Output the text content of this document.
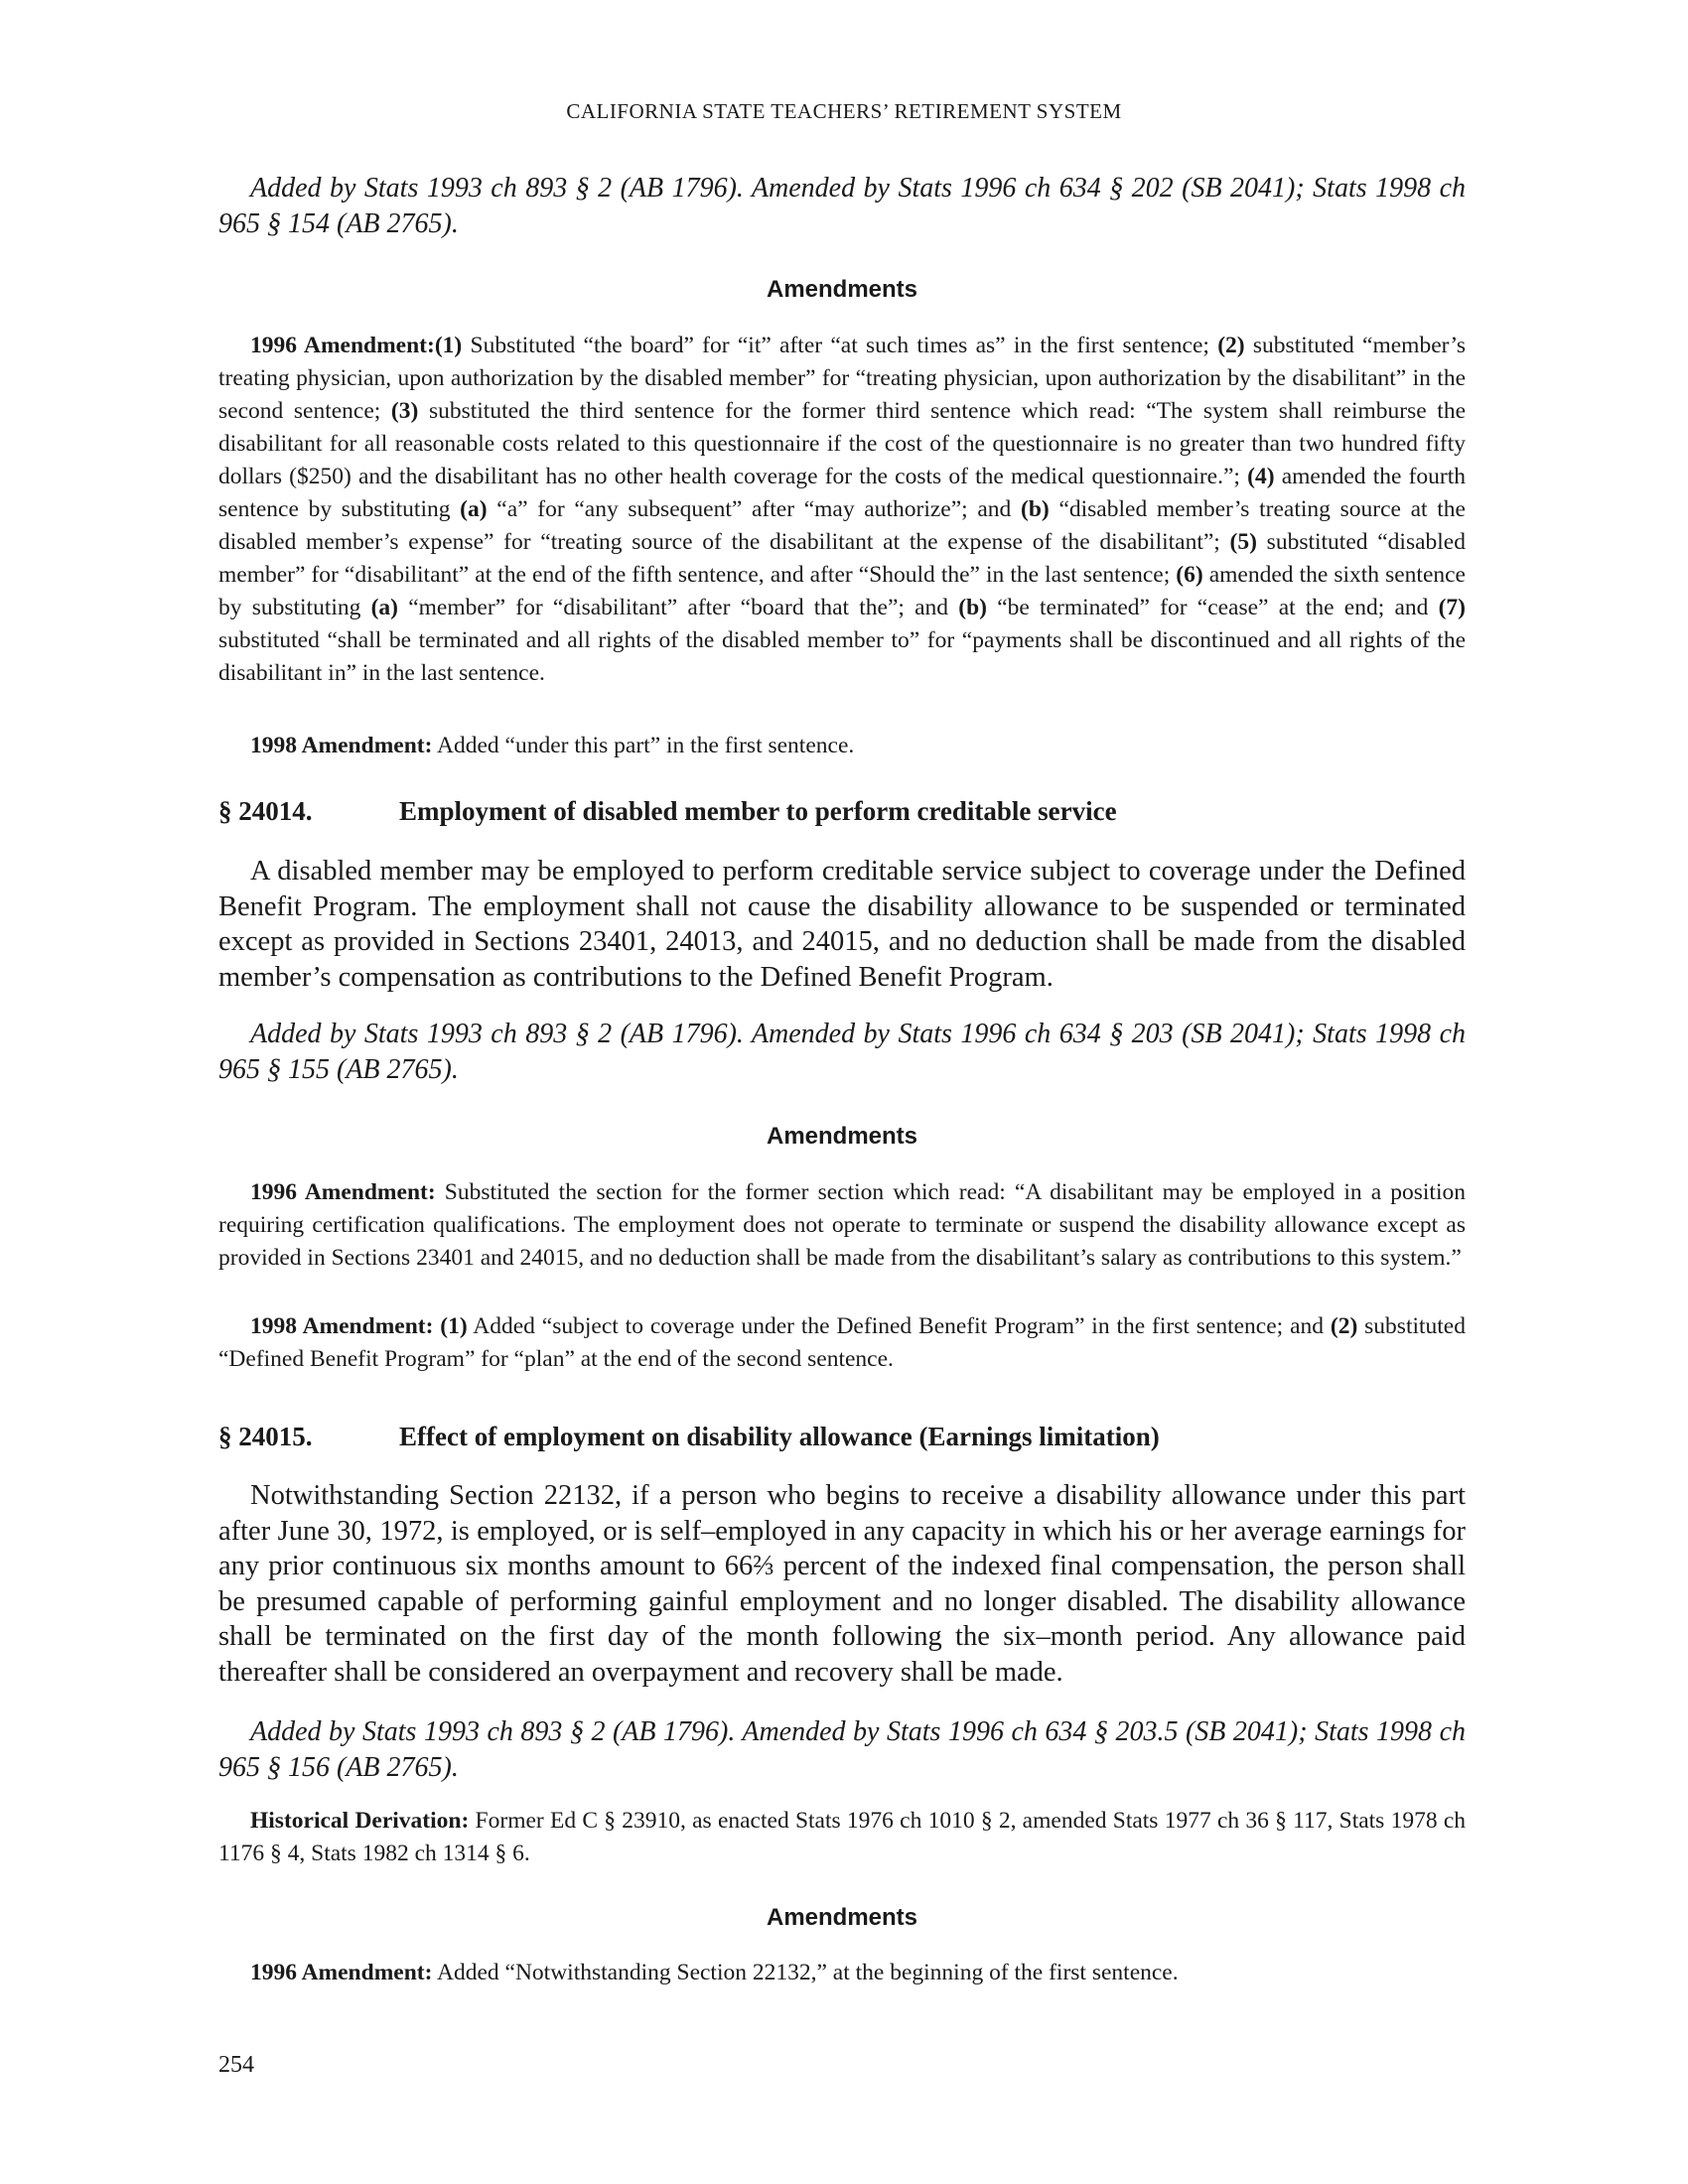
CALIFORNIA STATE TEACHERS’ RETIREMENT SYSTEM

Added by Stats 1993 ch 893 § 2 (AB 1796). Amended by Stats 1996 ch 634 § 202 (SB 2041); Stats 1998 ch 965 § 154 (AB 2765).

Amendments

1996 Amendment:(1) Substituted “the board” for “it” after “at such times as” in the first sentence; (2) substituted “member’s treating physician, upon authorization by the disabled member” for “treating physician, upon authorization by the disabilitant” in the second sentence; (3) substituted the third sentence for the former third sentence which read: “The system shall reimburse the disabilitant for all reasonable costs related to this questionnaire if the cost of the questionnaire is no greater than two hundred fifty dollars ($250) and the disabilitant has no other health coverage for the costs of the medical questionnaire.”; (4) amended the fourth sentence by substituting (a) “a” for “any subsequent” after “may authorize”; and (b) “disabled member’s treating source at the disabled member’s expense” for “treating source of the disabilitant at the expense of the disabilitant”; (5) substituted “disabled member” for “disabilitant” at the end of the fifth sentence, and after “Should the” in the last sentence; (6) amended the sixth sentence by substituting (a) “member” for “disabilitant” after “board that the”; and (b) “be terminated” for “cease” at the end; and (7) substituted “shall be terminated and all rights of the disabled member to” for “payments shall be discontinued and all rights of the disabilitant in” in the last sentence.

1998 Amendment: Added “under this part” in the first sentence.

§ 24014.	Employment of disabled member to perform creditable service

A disabled member may be employed to perform creditable service subject to coverage under the Defined Benefit Program. The employment shall not cause the disability allowance to be suspended or terminated except as provided in Sections 23401, 24013, and 24015, and no deduction shall be made from the disabled member’s compensation as contributions to the Defined Benefit Program.

Added by Stats 1993 ch 893 § 2 (AB 1796). Amended by Stats 1996 ch 634 § 203 (SB 2041); Stats 1998 ch 965 § 155 (AB 2765).

Amendments

1996 Amendment: Substituted the section for the former section which read: “A disabilitant may be employed in a position requiring certification qualifications. The employment does not operate to terminate or suspend the disability allowance except as provided in Sections 23401 and 24015, and no deduction shall be made from the disabilitant’s salary as contributions to this system.”

1998 Amendment: (1) Added “subject to coverage under the Defined Benefit Program” in the first sentence; and (2) substituted “Defined Benefit Program” for “plan” at the end of the second sentence.

§ 24015.	Effect of employment on disability allowance (Earnings limitation)

Notwithstanding Section 22132, if a person who begins to receive a disability allowance under this part after June 30, 1972, is employed, or is self–employed in any capacity in which his or her average earnings for any prior continuous six months amount to 66⅔ percent of the indexed final compensation, the person shall be presumed capable of performing gainful employment and no longer disabled. The disability allowance shall be terminated on the first day of the month following the six–month period. Any allowance paid thereafter shall be considered an overpayment and recovery shall be made.

Added by Stats 1993 ch 893 § 2 (AB 1796). Amended by Stats 1996 ch 634 § 203.5 (SB 2041); Stats 1998 ch 965 § 156 (AB 2765).

Historical Derivation: Former Ed C § 23910, as enacted Stats 1976 ch 1010 § 2, amended Stats 1977 ch 36 § 117, Stats 1978 ch 1176 § 4, Stats 1982 ch 1314 § 6.

Amendments

1996 Amendment: Added “Notwithstanding Section 22132,” at the beginning of the first sentence.

254
